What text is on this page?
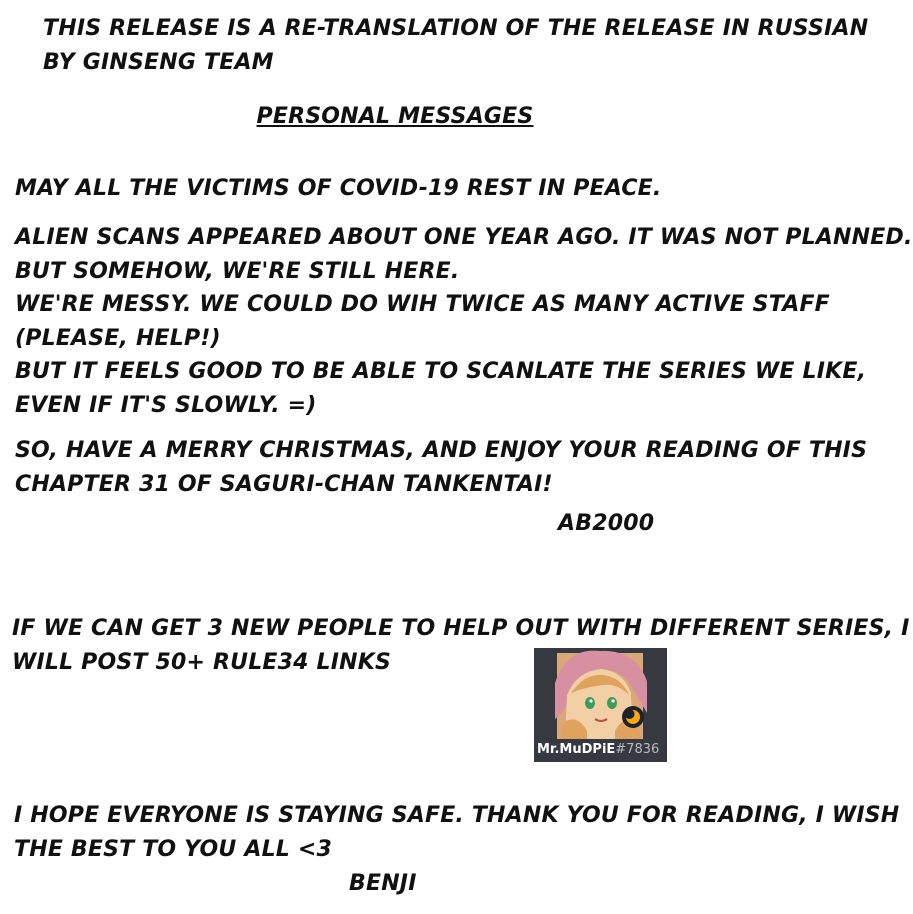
THIS RELEASE IS A RE-TRANSLATION OF THE RELEASE IN RUSSIAN
BY GINSENG TEAM

PERSONAL MESSAGES

MAY ALL THE VICTIMS OF COVID-19 REST IN PEACE.

ALIEN SCANS APPEARED ABOUT ONE YEAR AGO. IT WAS NOT PLANNED.
BUT SOMEHOW, WE'RE STILL HERE.
WE'RE MESSY. WE COULD DO WIH TWICE AS MANY ACTIVE STAFF
(PLEASE, HELP!)
BUT IT FEELS GOOD TO BE ABLE TO SCANLATE THE SERIES WE LIKE,
EVEN IF IT'S SLOWLY. =)

SO, HAVE A MERRY CHRISTMAS, AND ENJOY YOUR READING OF THIS
CHAPTER 31 OF SAGURI-CHAN TANKENTAI!

AB2000

IF WE CAN GET 3 NEW PEOPLE TO HELP OUT WITH DIFFERENT SERIES, I
WILL POST 50+ RULE34 LINKS

Mr.MuDPiE#7836

I HOPE EVERYONE IS STAYING SAFE. THANK YOU FOR READING, I WISH
THE BEST TO YOU ALL <3

BENJI
